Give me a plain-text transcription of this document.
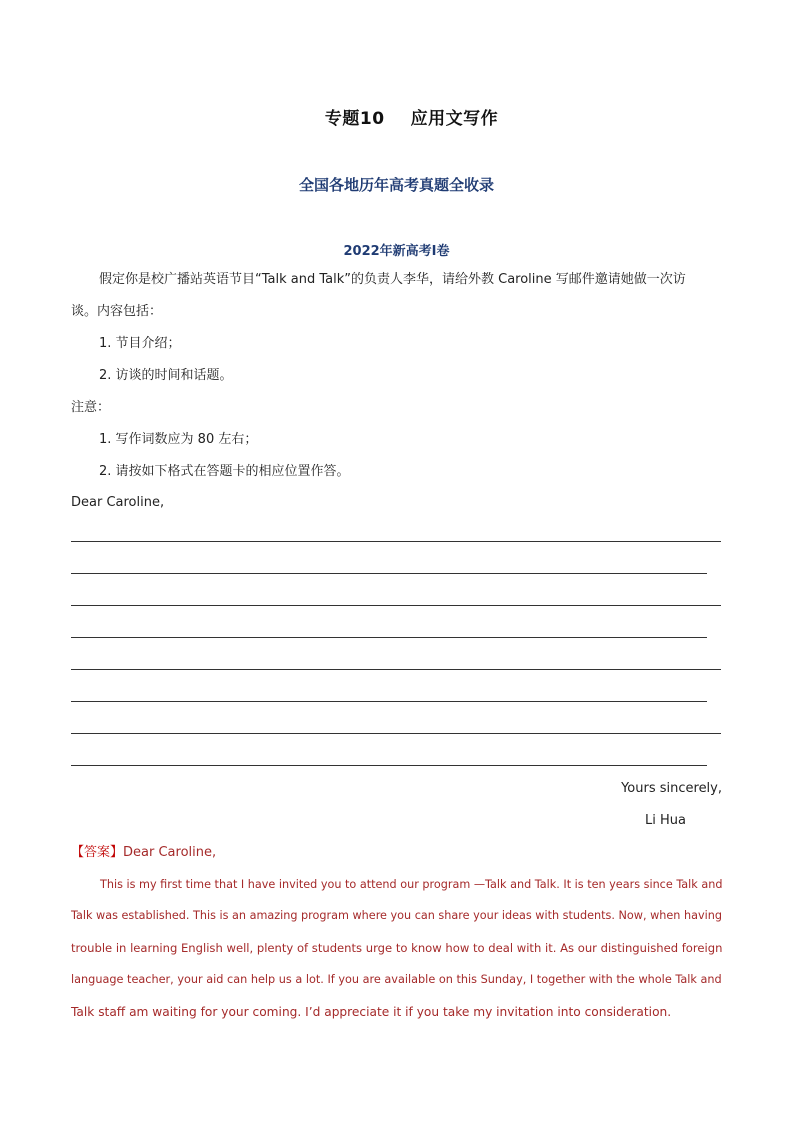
专题10 应用文写作
全国各地历年高考真题全收录
2022年新高考I卷
假定你是校广播站英语节目“Talk and Talk”的负责人李华，请给外教 Caroline 写邮件邀请她做一次访
谈。内容包括：
1. 节目介绍；
2. 访谈的时间和话题。
注意：
1. 写作词数应为 80 左右；
2. 请按如下格式在答题卡的相应位置作答。
Dear Caroline,
Yours sincerely,
Li Hua
【答案】Dear Caroline,
This is my first time that I have invited you to attend our program —Talk and Talk. It is ten years since Talk and
Talk was established. This is an amazing program where you can share your ideas with students. Now, when having
trouble in learning English well, plenty of students urge to know how to deal with it. As our distinguished foreign
language teacher, your aid can help us a lot. If you are available on this Sunday, I together with the whole Talk and
Talk staff am waiting for your coming. I’d appreciate it if you take my invitation into consideration.
